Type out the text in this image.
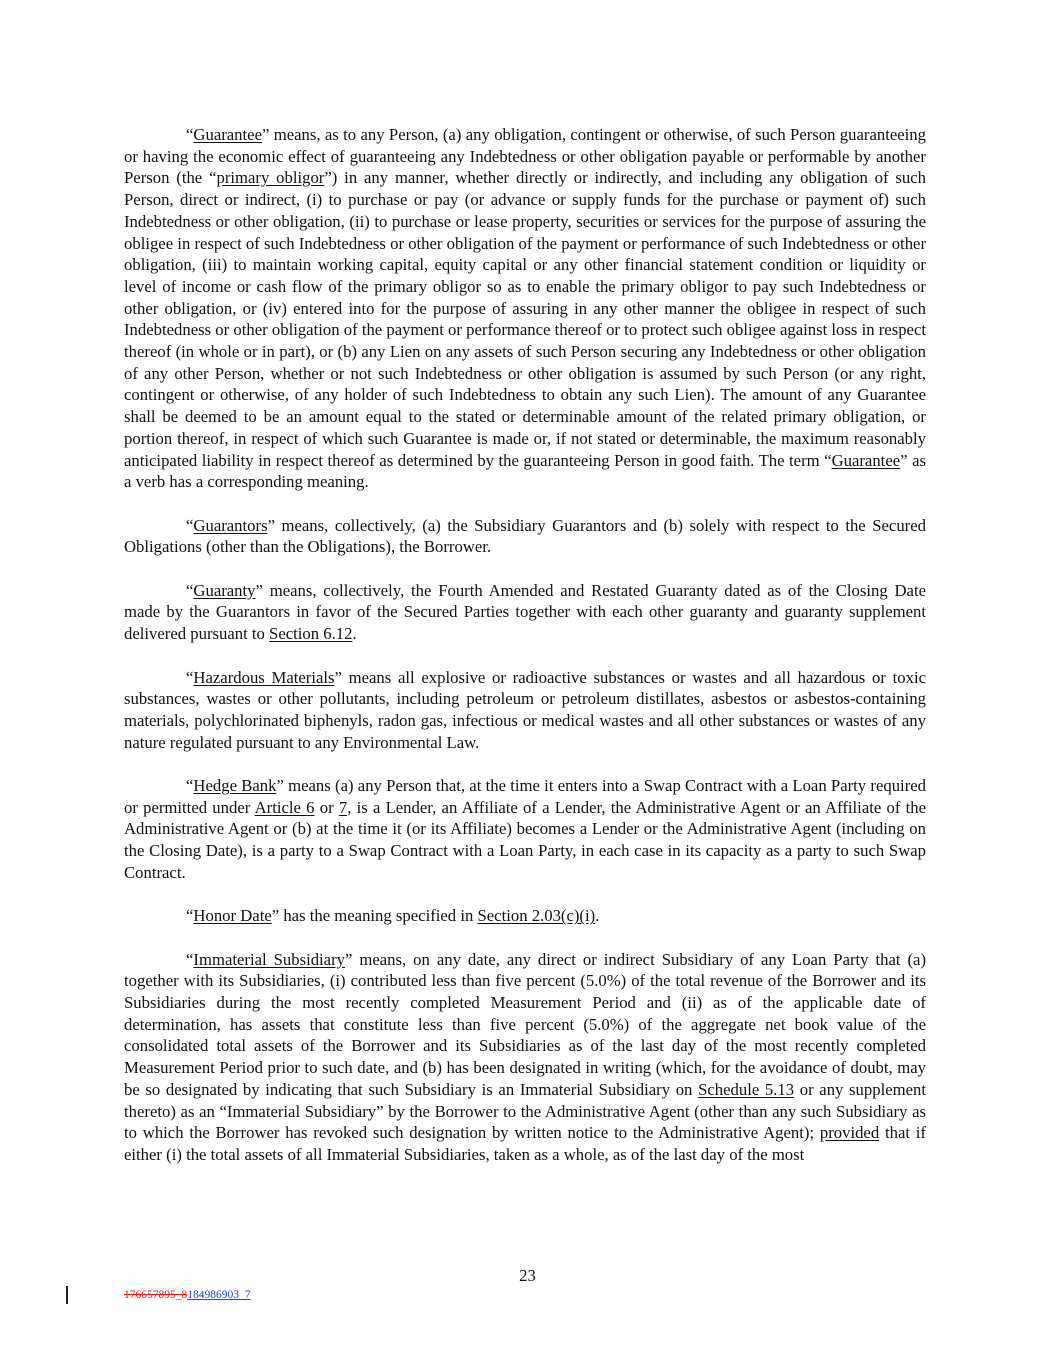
“Guarantee” means, as to any Person, (a) any obligation, contingent or otherwise, of such Person guaranteeing or having the economic effect of guaranteeing any Indebtedness or other obligation payable or performable by another Person (the “primary obligor”) in any manner, whether directly or indirectly, and including any obligation of such Person, direct or indirect, (i) to purchase or pay (or advance or supply funds for the purchase or payment of) such Indebtedness or other obligation, (ii) to purchase or lease property, securities or services for the purpose of assuring the obligee in respect of such Indebtedness or other obligation of the payment or performance of such Indebtedness or other obligation, (iii) to maintain working capital, equity capital or any other financial statement condition or liquidity or level of income or cash flow of the primary obligor so as to enable the primary obligor to pay such Indebtedness or other obligation, or (iv) entered into for the purpose of assuring in any other manner the obligee in respect of such Indebtedness or other obligation of the payment or performance thereof or to protect such obligee against loss in respect thereof (in whole or in part), or (b) any Lien on any assets of such Person securing any Indebtedness or other obligation of any other Person, whether or not such Indebtedness or other obligation is assumed by such Person (or any right, contingent or otherwise, of any holder of such Indebtedness to obtain any such Lien). The amount of any Guarantee shall be deemed to be an amount equal to the stated or determinable amount of the related primary obligation, or portion thereof, in respect of which such Guarantee is made or, if not stated or determinable, the maximum reasonably anticipated liability in respect thereof as determined by the guaranteeing Person in good faith. The term “Guarantee” as a verb has a corresponding meaning.

“Guarantors” means, collectively, (a) the Subsidiary Guarantors and (b) solely with respect to the Secured Obligations (other than the Obligations), the Borrower.

“Guaranty” means, collectively, the Fourth Amended and Restated Guaranty dated as of the Closing Date made by the Guarantors in favor of the Secured Parties together with each other guaranty and guaranty supplement delivered pursuant to Section 6.12.

“Hazardous Materials” means all explosive or radioactive substances or wastes and all hazardous or toxic substances, wastes or other pollutants, including petroleum or petroleum distillates, asbestos or asbestos-containing materials, polychlorinated biphenyls, radon gas, infectious or medical wastes and all other substances or wastes of any nature regulated pursuant to any Environmental Law.

“Hedge Bank” means (a) any Person that, at the time it enters into a Swap Contract with a Loan Party required or permitted under Article 6 or 7, is a Lender, an Affiliate of a Lender, the Administrative Agent or an Affiliate of the Administrative Agent or (b) at the time it (or its Affiliate) becomes a Lender or the Administrative Agent (including on the Closing Date), is a party to a Swap Contract with a Loan Party, in each case in its capacity as a party to such Swap Contract.

“Honor Date” has the meaning specified in Section 2.03(c)(i).

“Immaterial Subsidiary” means, on any date, any direct or indirect Subsidiary of any Loan Party that (a) together with its Subsidiaries, (i) contributed less than five percent (5.0%) of the total revenue of the Borrower and its Subsidiaries during the most recently completed Measurement Period and (ii) as of the applicable date of determination, has assets that constitute less than five percent (5.0%) of the aggregate net book value of the consolidated total assets of the Borrower and its Subsidiaries as of the last day of the most recently completed Measurement Period prior to such date, and (b) has been designated in writing (which, for the avoidance of doubt, may be so designated by indicating that such Subsidiary is an Immaterial Subsidiary on Schedule 5.13 or any supplement thereto) as an “Immaterial Subsidiary” by the Borrower to the Administrative Agent (other than any such Subsidiary as to which the Borrower has revoked such designation by written notice to the Administrative Agent); provided that if either (i) the total assets of all Immaterial Subsidiaries, taken as a whole, as of the last day of the most

23
176657895_8184986903_7
